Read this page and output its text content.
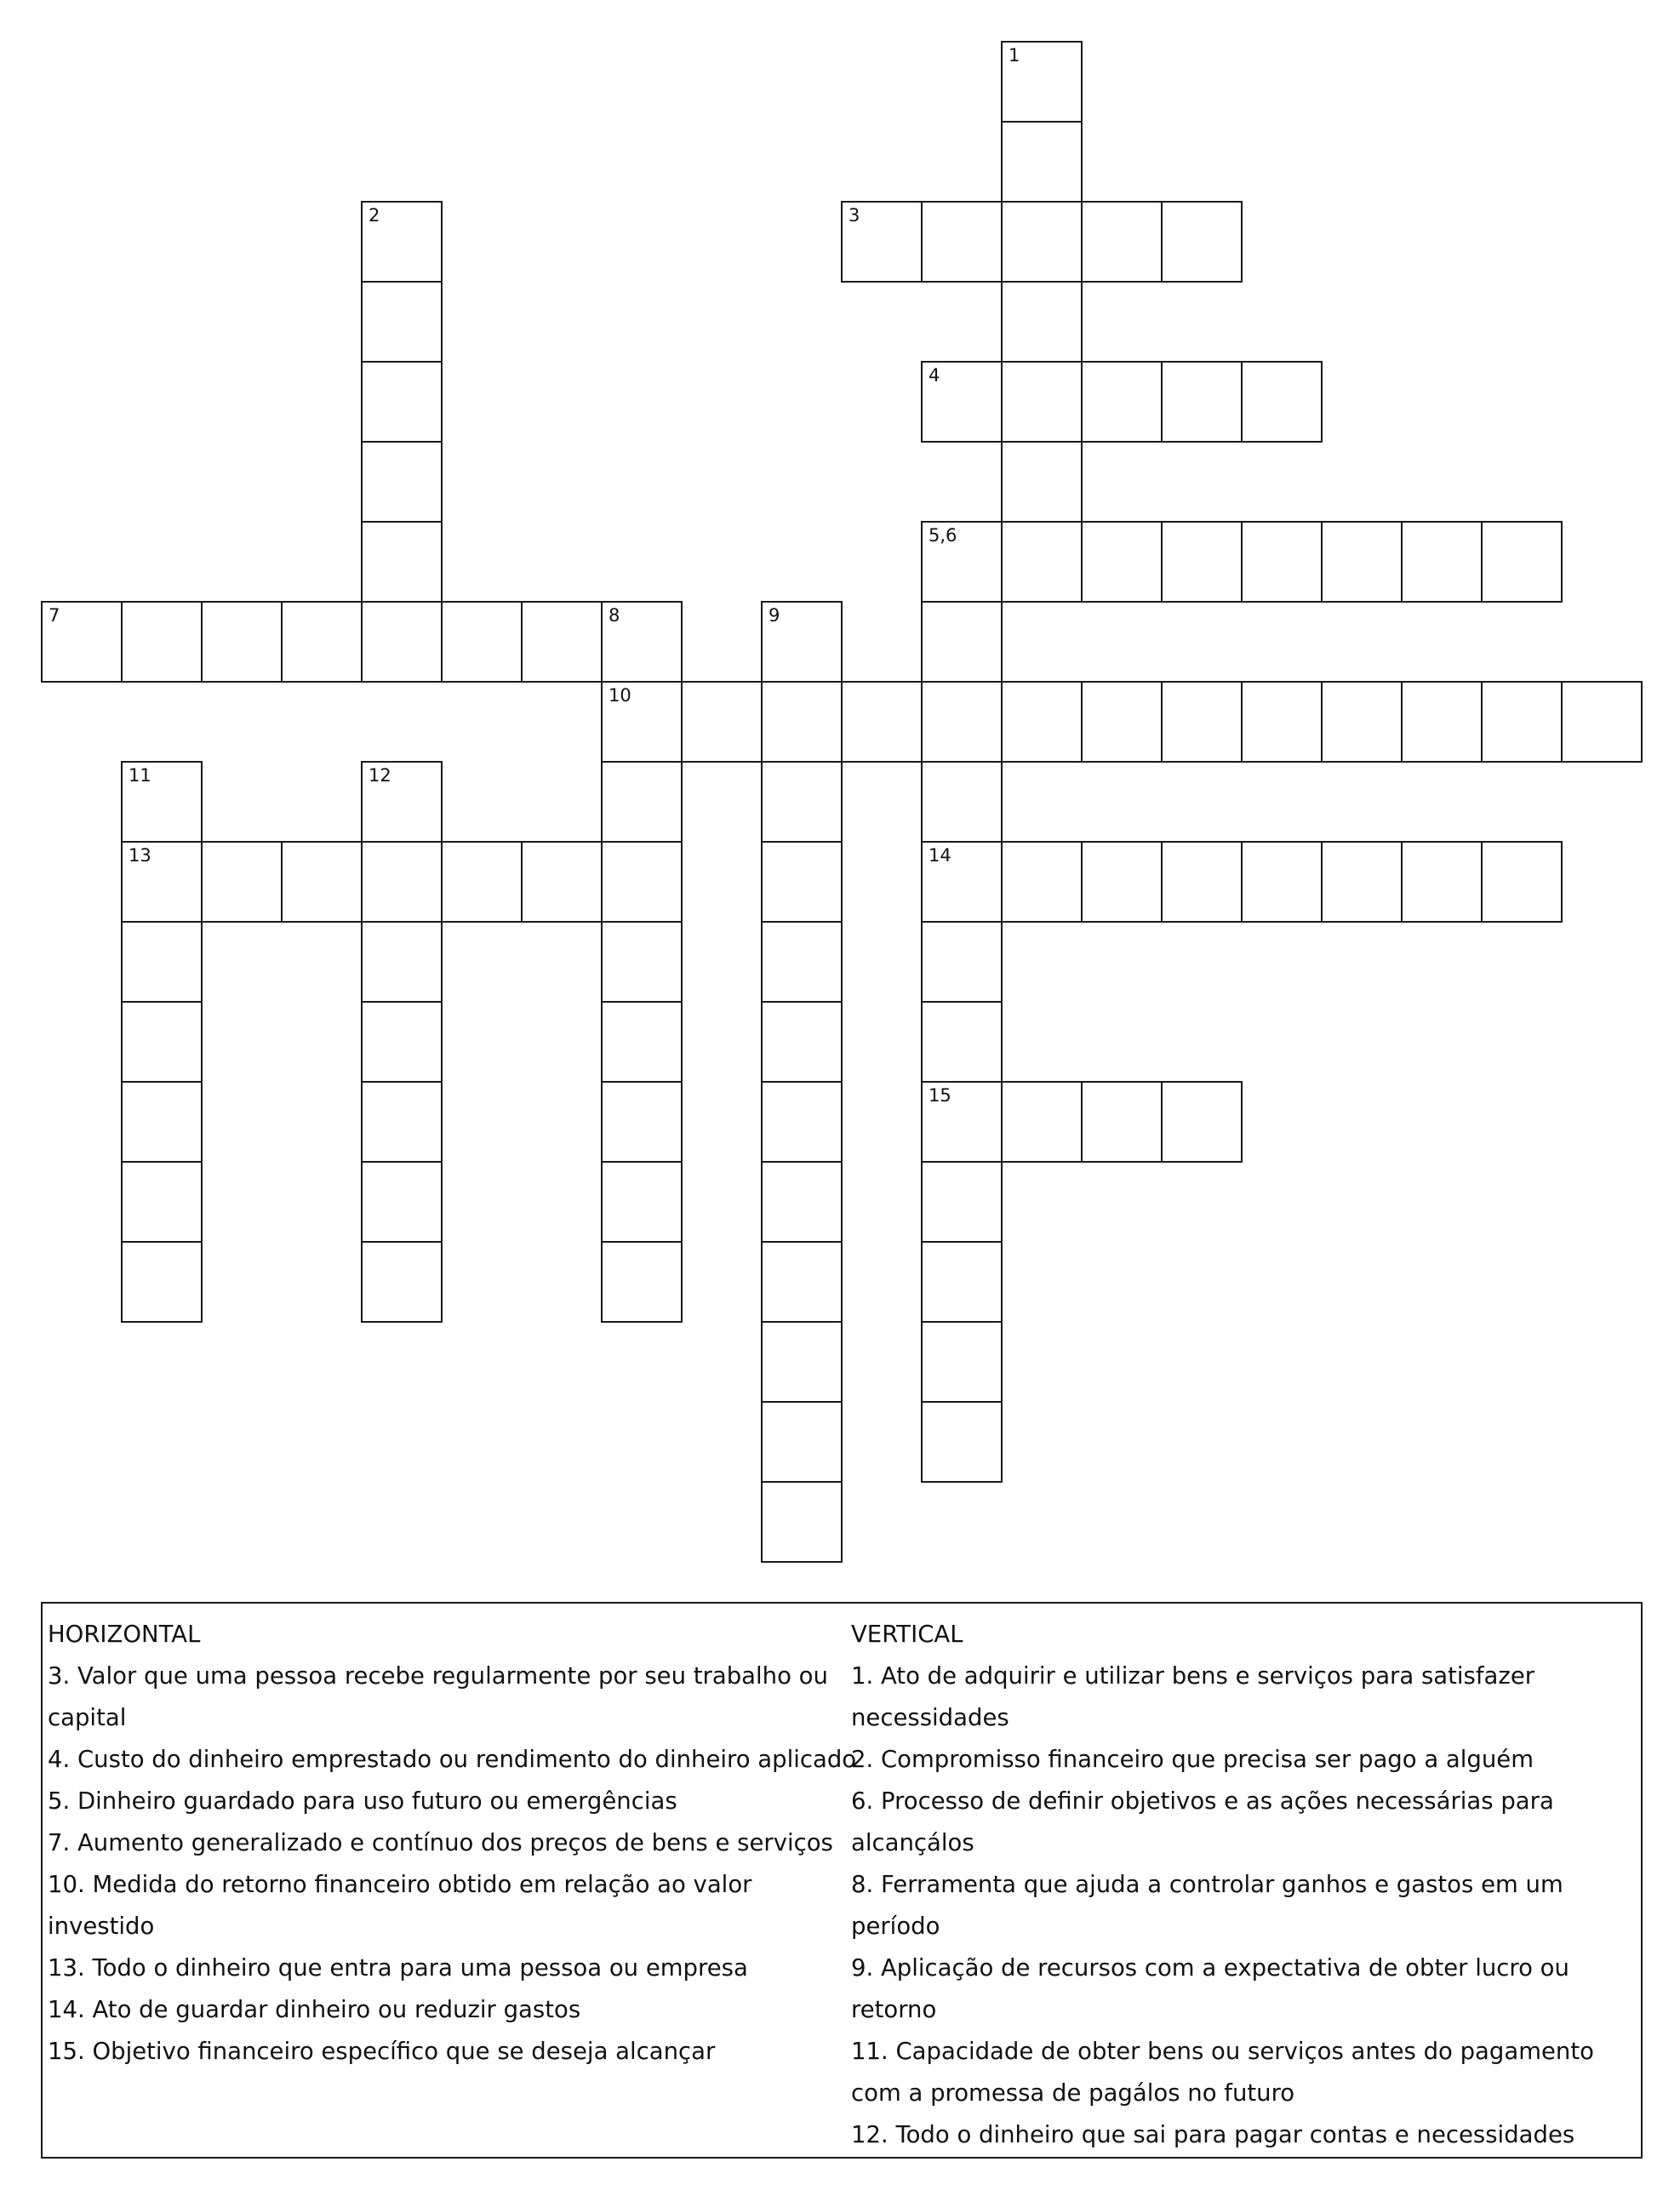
1
2	3
4
5,6
14
15
7	8
10
9
11
13
12

HORIZONTAL

3. Valor que uma pessoa recebe regularmente por seu trabalho ou capital

4. Custo do dinheiro emprestado ou rendimento do dinheiro aplicado

5. Dinheiro guardado para uso futuro ou emergências

7. Aumento generalizado e contínuo dos preços de bens e serviços

10. Medida do retorno financeiro obtido em relação ao valor investido

13. Todo o dinheiro que entra para uma pessoa ou empresa

14. Ato de guardar dinheiro ou reduzir gastos

15. Objetivo financeiro específico que se deseja alcançar

VERTICAL

1. Ato de adquirir e utilizar bens e serviços para satisfazer necessidades

2. Compromisso financeiro que precisa ser pago a alguém

6. Processo de definir objetivos e as ações necessárias para alcançálos

8. Ferramenta que ajuda a controlar ganhos e gastos em um período

9. Aplicação de recursos com a expectativa de obter lucro ou retorno

11. Capacidade de obter bens ou serviços antes do pagamento com a promessa de pagálos no futuro

12. Todo o dinheiro que sai para pagar contas e necessidades
